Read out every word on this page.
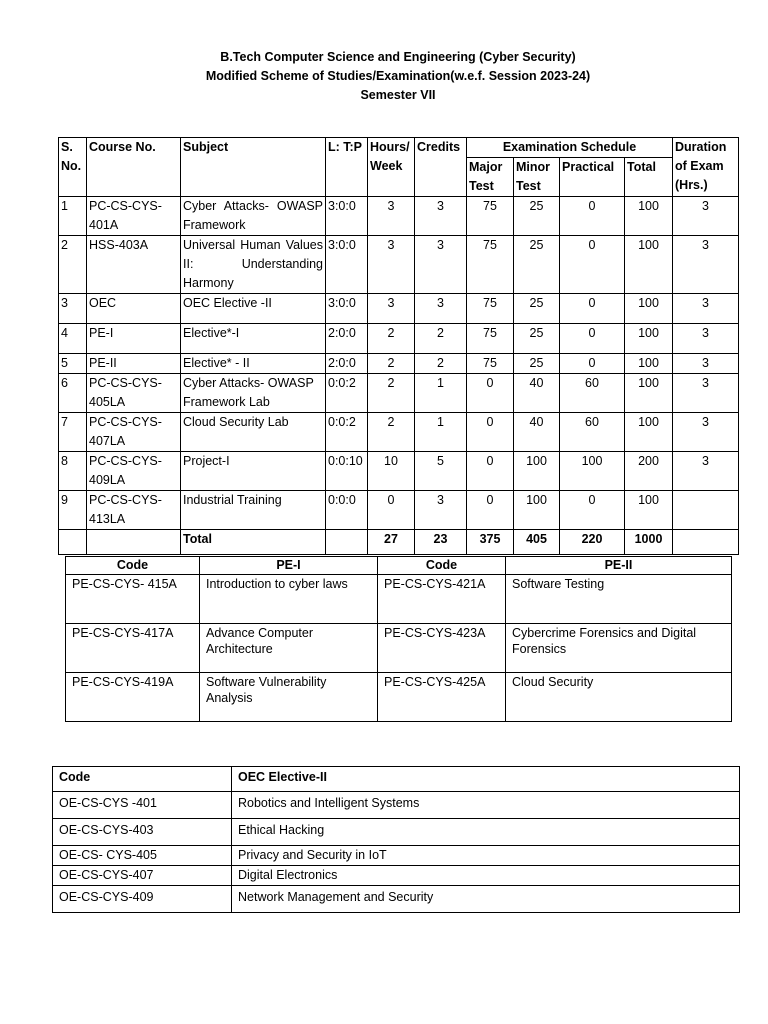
B.Tech Computer Science and Engineering (Cyber Security)
Modified Scheme of Studies/Examination(w.e.f. Session 2023-24)
Semester VII
S. No.	Course No.	Subject	L: T:P	Hours/ Week	Credits	Examination Schedule				Duration of Exam (Hrs.)
						Major Test	Minor Test	Practical	Total	

1	PC-CS-CYS-401A	Cyber Attacks- OWASP Framework	3:0:0	3	3	75	25	0	100	3
2	HSS-403A	Universal Human Values II: Understanding Harmony	3:0:0	3	3	75	25	0	100	3
3	OEC	OEC Elective -II	3:0:0	3	3	75	25	0	100	3
4	PE-I	Elective*-I	2:0:0	2	2	75	25	0	100	3
5	PE-II	Elective* - II	2:0:0	2	2	75	25	0	100	3
6	PC-CS-CYS-405LA	Cyber Attacks- OWASP Framework Lab	0:0:2	2	1	0	40	60	100	3
7	PC-CS-CYS-407LA	Cloud Security Lab	0:0:2	2	1	0	40	60	100	3
8	PC-CS-CYS-409LA	Project-I	0:0:10	10	5	0	100	100	200	3
9	PC-CS-CYS-413LA	Industrial Training	0:0:0	0	3	0	100	0	100	
		Total		27	23	375	405	220	1000	
Code	PE-I	Code	PE-II
PE-CS-CYS- 415A	Introduction to cyber laws	PE-CS-CYS-421A	Software Testing
PE-CS-CYS-417A	Advance Computer Architecture	PE-CS-CYS-423A	Cybercrime Forensics and Digital Forensics
PE-CS-CYS-419A	Software Vulnerability Analysis	PE-CS-CYS-425A	Cloud Security
Code	OEC Elective-II
OE-CS-CYS -401	Robotics and Intelligent Systems
OE-CS-CYS-403	Ethical Hacking
OE-CS- CYS-405	Privacy and Security in IoT
OE-CS-CYS-407	Digital Electronics
OE-CS-CYS-409	Network Management and Security
